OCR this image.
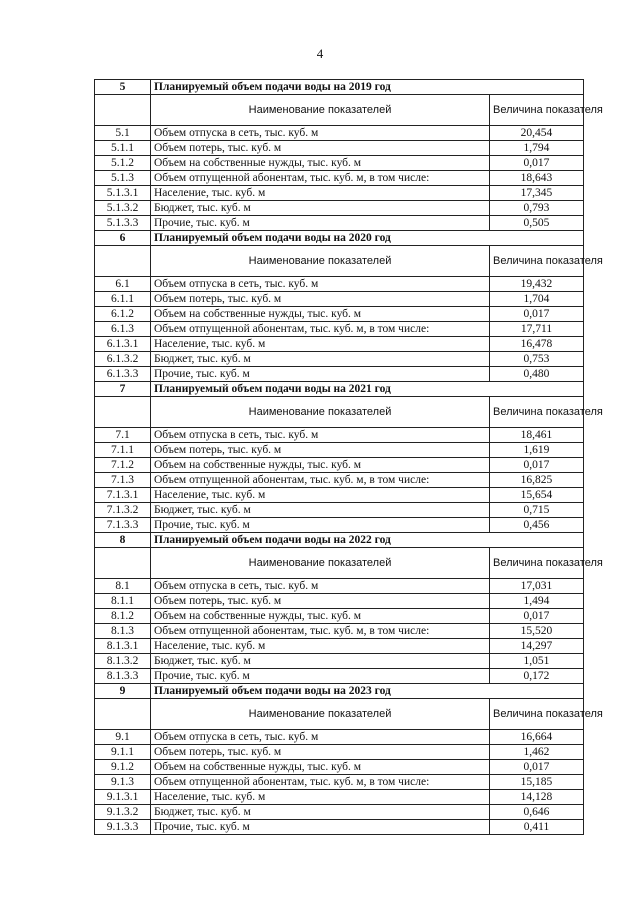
4
5	Планируемый объем подачи воды на 2019 год	
	Наименование показателей	Величина показателя
5.1	Объем отпуска в сеть, тыс. куб. м	20,454
5.1.1	Объем потерь, тыс. куб. м	1,794
5.1.2	Объем на собственные нужды, тыс. куб. м	0,017
5.1.3	Объем отпущенной абонентам, тыс. куб. м, в том числе:	18,643
5.1.3.1	Население, тыс. куб. м	17,345
5.1.3.2	Бюджет, тыс. куб. м	0,793
5.1.3.3	Прочие, тыс. куб. м	0,505
6	Планируемый объем подачи воды на 2020 год	
	Наименование показателей	Величина показателя
6.1	Объем отпуска в сеть, тыс. куб. м	19,432
6.1.1	Объем потерь, тыс. куб. м	1,704
6.1.2	Объем на собственные нужды, тыс. куб. м	0,017
6.1.3	Объем отпущенной абонентам, тыс. куб. м, в том числе:	17,711
6.1.3.1	Население, тыс. куб. м	16,478
6.1.3.2	Бюджет, тыс. куб. м	0,753
6.1.3.3	Прочие, тыс. куб. м	0,480
7	Планируемый объем подачи воды на 2021 год	
	Наименование показателей	Величина показателя
7.1	Объем отпуска в сеть, тыс. куб. м	18,461
7.1.1	Объем потерь, тыс. куб. м	1,619
7.1.2	Объем на собственные нужды, тыс. куб. м	0,017
7.1.3	Объем отпущенной абонентам, тыс. куб. м, в том числе:	16,825
7.1.3.1	Население, тыс. куб. м	15,654
7.1.3.2	Бюджет, тыс. куб. м	0,715
7.1.3.3	Прочие, тыс. куб. м	0,456
8	Планируемый объем подачи воды на 2022 год	
	Наименование показателей	Величина показателя
8.1	Объем отпуска в сеть, тыс. куб. м	17,031
8.1.1	Объем потерь, тыс. куб. м	1,494
8.1.2	Объем на собственные нужды, тыс. куб. м	0,017
8.1.3	Объем отпущенной абонентам, тыс. куб. м, в том числе:	15,520
8.1.3.1	Население, тыс. куб. м	14,297
8.1.3.2	Бюджет, тыс. куб. м	1,051
8.1.3.3	Прочие, тыс. куб. м	0,172
9	Планируемый объем подачи воды на 2023 год	
	Наименование показателей	Величина показателя
9.1	Объем отпуска в сеть, тыс. куб. м	16,664
9.1.1	Объем потерь, тыс. куб. м	1,462
9.1.2	Объем на собственные нужды, тыс. куб. м	0,017
9.1.3	Объем отпущенной абонентам, тыс. куб. м, в том числе:	15,185
9.1.3.1	Население, тыс. куб. м	14,128
9.1.3.2	Бюджет, тыс. куб. м	0,646
9.1.3.3	Прочие, тыс. куб. м	0,411
